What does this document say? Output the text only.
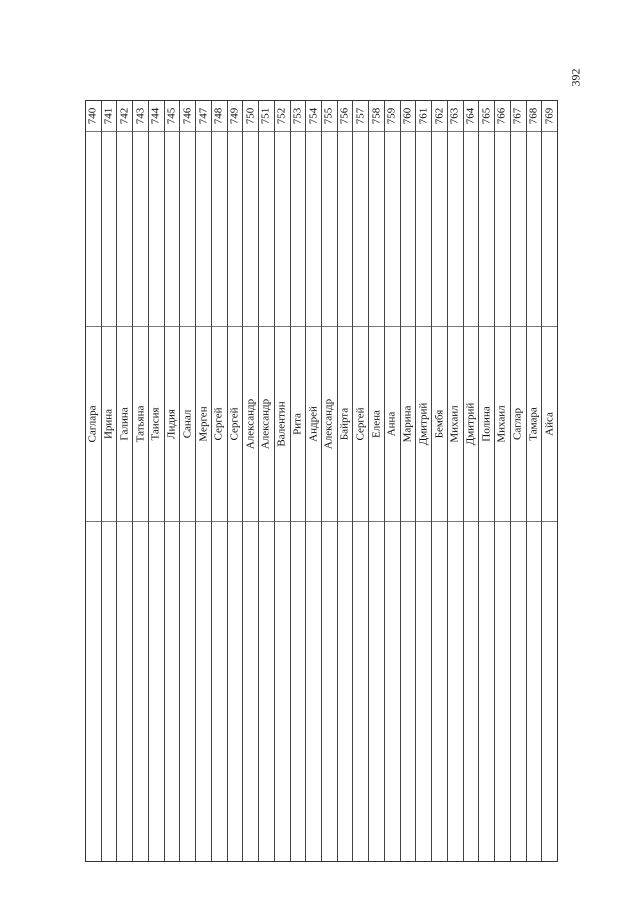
392
740
Саглара
741
Ирина
742
Галина
743
Татьяна
744
Таисия
745
Лидия
746
Санал
747
Мерген
748
Сергей
749
Сергей
750
Александр
751
Александр
752
Валентин
753
Рита
754
Андрей
755
Александр
756
Байрта
757
Сергей
758
Елена
759
Анна
760
Марина
761
Дмитрий
762
Бембя
763
Михаил
764
Дмитрий
765
Полина
766
Михаил
767
Саглар
768
Тамара
769
Айса
